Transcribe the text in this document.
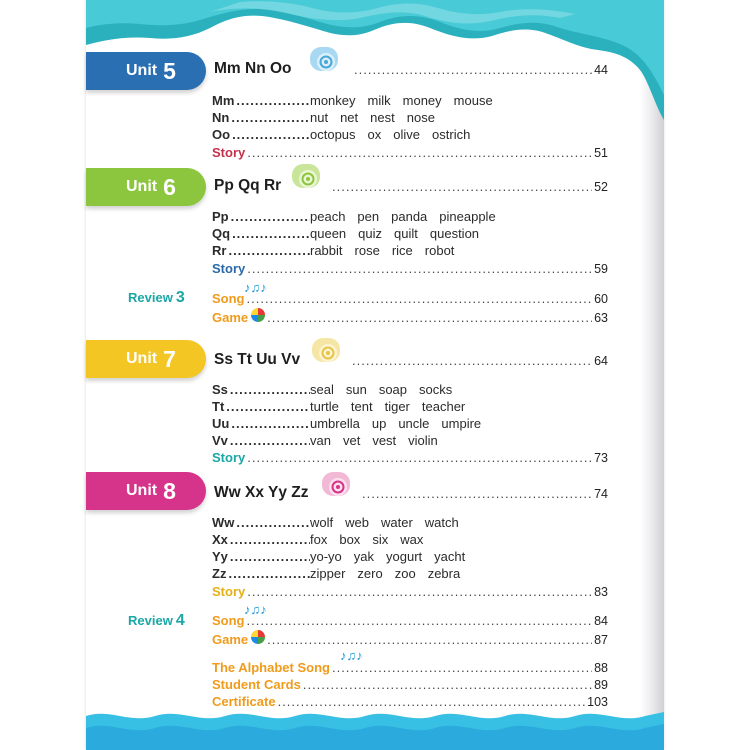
Unit 5 Mm Nn Oo .....	44
Mm .....	monkey milk money mouse
Nn .....	nut net nest nose
Oo .....	octopus ox olive ostrich
Story .....	51
Unit 6 Pp Qq Rr .....	52
Pp .....	peach pen panda pineapple
Qq .....	queen quiz quilt question
Rr .....	rabbit rose rice robot
Story .....	59
Review 3
♪♫♪
Song .....	60
Game .....	63
Unit 7 Ss Tt Uu Vv .....	64
Ss .....	seal sun soap socks
Tt .....	turtle tent tiger teacher
Uu .....	umbrella up uncle umpire
Vv .....	van vet vest violin
Story .....	73
Unit 8 Ww Xx Yy Zz .....	74
Ww .....	wolf web water watch
Xx .....	fox box six wax
Yy .....	yo-yo yak yogurt yacht
Zz .....	zipper zero zoo zebra
Story .....	83
Review 4
♪♫♪
Song .....	84
Game .....	87
♪♫♪
The Alphabet Song .....	88
Student Cards .....	89
Certificate .....	103
